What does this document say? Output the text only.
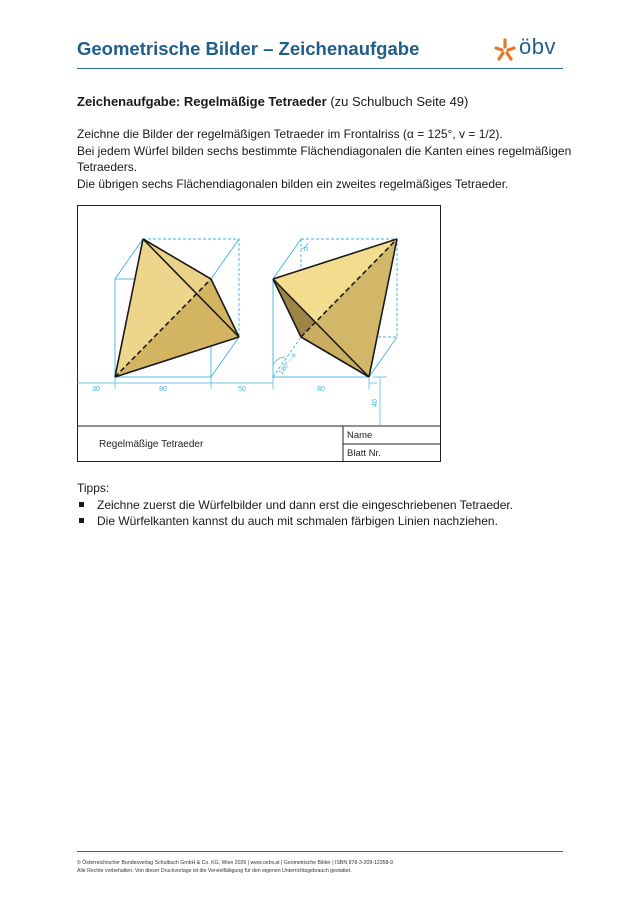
Geometrische Bilder – Zeichenaufgabe	öbv
Zeichenaufgabe: Regelmäßige Tetraeder (zu Schulbuch Seite 49)

Zeichne die Bilder der regelmäßigen Tetraeder im Frontalriss (α = 125°, v = 1/2).

Bei jedem Würfel bilden sechs bestimmte Flächendiagonalen die Kanten eines regelmäßigen Tetraeders.

Die übrigen sechs Flächendiagonalen bilden ein zweites regelmäßiges Tetraeder.

α
180° – α
30	80	50	80
40
Regelmäßige Tetraeder
Name
Blatt Nr.
Tipps:
Zeichne zuerst die Würfelbilder und dann erst die eingeschriebenen Tetraeder.
Die Würfelkanten kannst du auch mit schmalen färbigen Linien nachziehen.
© Österreichischer Bundesverlag Schulbuch GmbH & Co. KG, Wien 2026 | www.oebv.at | Geometrische Bilder | ISBN 978-3-209-12358-9
Alle Rechte vorbehalten. Von dieser Druckvorlage ist die Vervielfältigung für den eigenen Unterrichtsgebrauch gestattet.
